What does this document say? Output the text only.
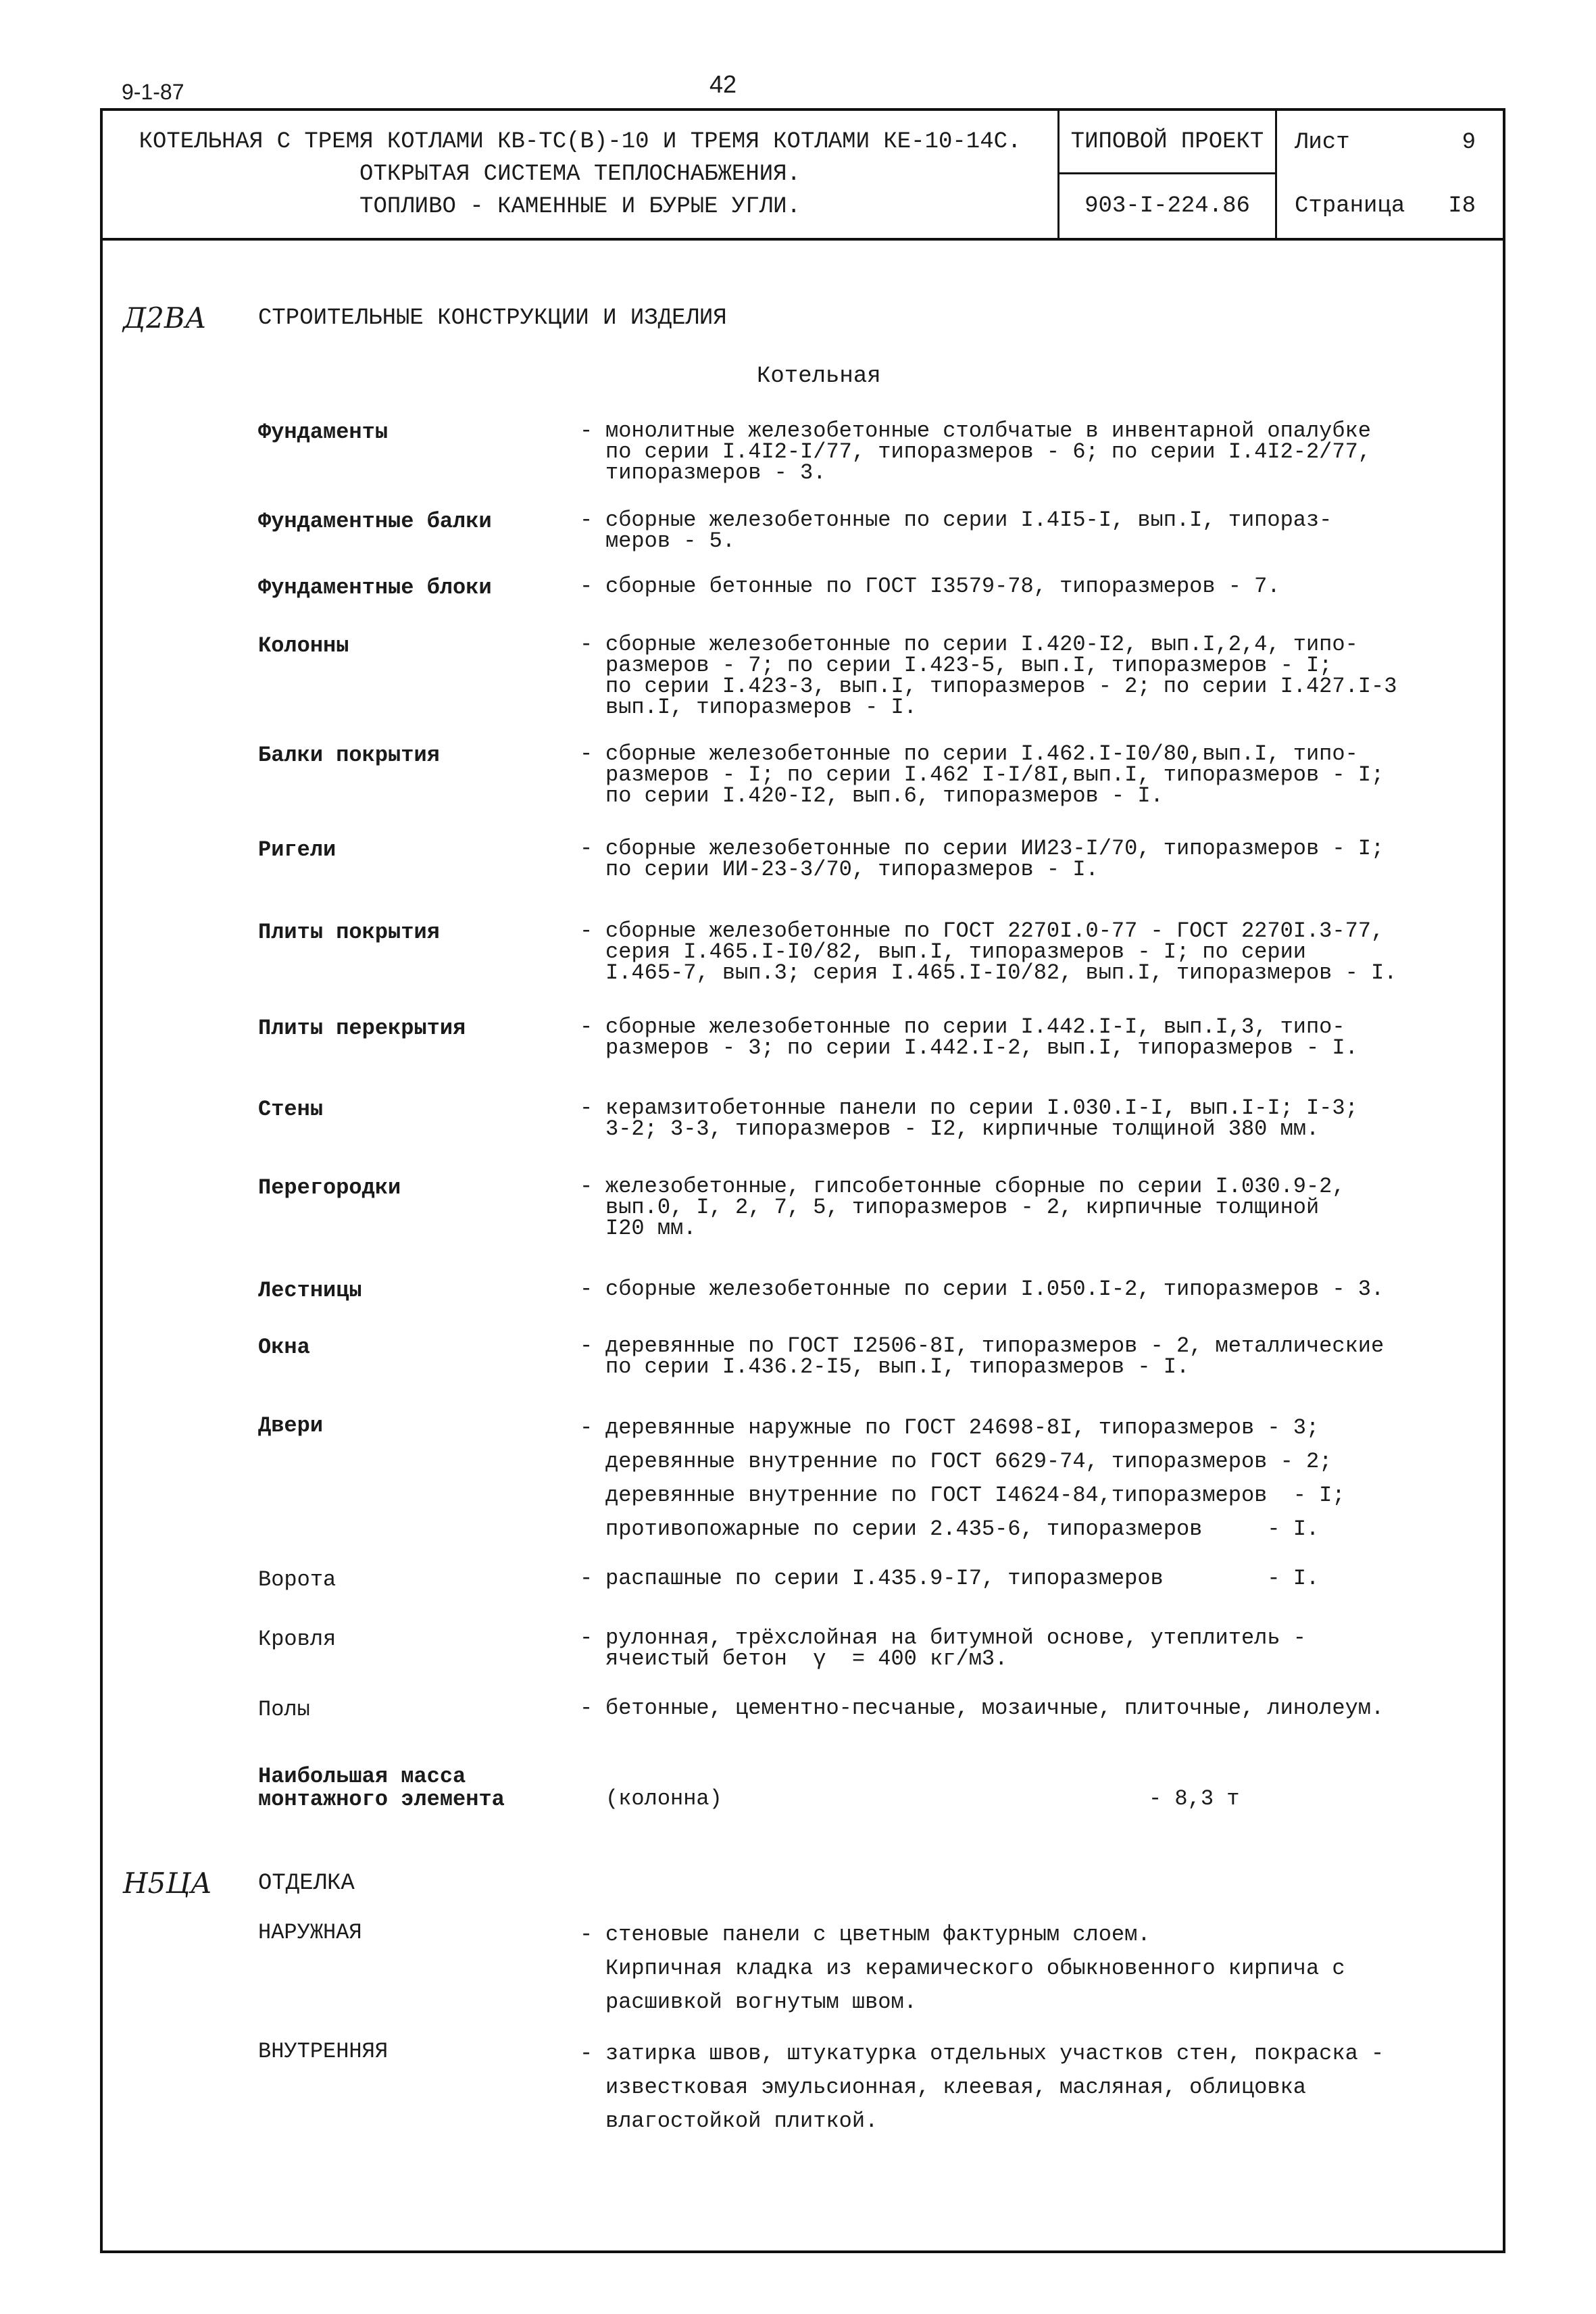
9-1-87	42
КОТЕЛЬНАЯ С ТРЕМЯ КОТЛАМИ КВ-ТС(В)-10 И ТРЕМЯ КОТЛАМИ КЕ-10-14С.
ОТКРЫТАЯ СИСТЕМА ТЕПЛОСНАБЖЕНИЯ.
ТОПЛИВО - КАМЕННЫЕ И БУРЫЕ УГЛИ.
ТИПОВОЙ ПРОЕКТ
903-I-224.86
Лист	9
Страница I8
Д2ВА СТРОИТЕЛЬНЫЕ КОНСТРУКЦИИ И ИЗДЕЛИЯ
Котельная
Фундаменты	- монолитные железобетонные столбчатые в инвентарной опалубке
по серии I.4I2-I/77, типоразмеров - 6; по серии I.4I2-2/77,
типоразмеров - 3.
Фундаментные балки	- сборные железобетонные по серии I.4I5-I, вып.I, типораз-
меров - 5.
Фундаментные блоки	- сборные бетонные по ГОСТ I3579-78, типоразмеров - 7.
Колонны	- сборные железобетонные по серии I.420-I2, вып.I,2,4, типо-
размеров - 7; по серии I.423-5, вып.I, типоразмеров - I;
по серии I.423-3, вып.I, типоразмеров - 2; по серии I.427.I-3
вып.I, типоразмеров - I.
Балки покрытия	- сборные железобетонные по серии I.462.I-I0/80,вып.I, типо-
размеров - I; по серии I.462 I-I/8I,вып.I, типоразмеров - I;
по серии I.420-I2, вып.6, типоразмеров - I.
Ригели	- сборные железобетонные по серии ИИ23-I/70, типоразмеров - I;
по серии ИИ-23-3/70, типоразмеров - I.
Плиты покрытия	- сборные железобетонные по ГОСТ 2270I.0-77 - ГОСТ 2270I.3-77,
серия I.465.I-I0/82, вып.I, типоразмеров - I; по серии
I.465-7, вып.3; серия I.465.I-I0/82, вып.I, типоразмеров - I.
Плиты перекрытия	- сборные железобетонные по серии I.442.I-I, вып.I,3, типо-
размеров - 3; по серии I.442.I-2, вып.I, типоразмеров - I.
Стены	- керамзитобетонные панели по серии I.030.I-I, вып.I-I; I-3;
3-2; 3-3, типоразмеров - I2, кирпичные толщиной 380 мм.
Перегородки	- железобетонные, гипсобетонные сборные по серии I.030.9-2,
вып.0, I, 2, 7, 5, типоразмеров - 2, кирпичные толщиной
I20 мм.
Лестницы	- сборные железобетонные по серии I.050.I-2, типоразмеров - 3.
Окна	- деревянные по ГОСТ I2506-8I, типоразмеров - 2, металлические
по серии I.436.2-I5, вып.I, типоразмеров - I.
Двери	- деревянные наружные по ГОСТ 24698-8I, типоразмеров - 3;
деревянные внутренние по ГОСТ 6629-74, типоразмеров - 2;
деревянные внутренние по ГОСТ I4624-84,типоразмеров  - I;
противопожарные по серии 2.435-6, типоразмеров     - I.
Ворота	- распашные по серии I.435.9-I7, типоразмеров        - I.
Кровля	- рулонная, трёхслойная на битумной основе, утеплитель -
ячеистый бетон  γ  = 400 кг/м3.
Полы	- бетонные, цементно-песчаные, мозаичные, плиточные, линолеум.
Наибольшая масса
монтажного элемента	(колонна)	- 8,3 т
Н5ЦА ОТДЕЛКА
НАРУЖНАЯ	- стеновые панели с цветным фактурным слоем.
Кирпичная кладка из керамического обыкновенного кирпича с
расшивкой вогнутым швом.
ВНУТРЕННЯЯ	- затирка швов, штукатурка отдельных участков стен, покраска -
известковая эмульсионная, клеевая, масляная, облицовка
влагостойкой плиткой.
